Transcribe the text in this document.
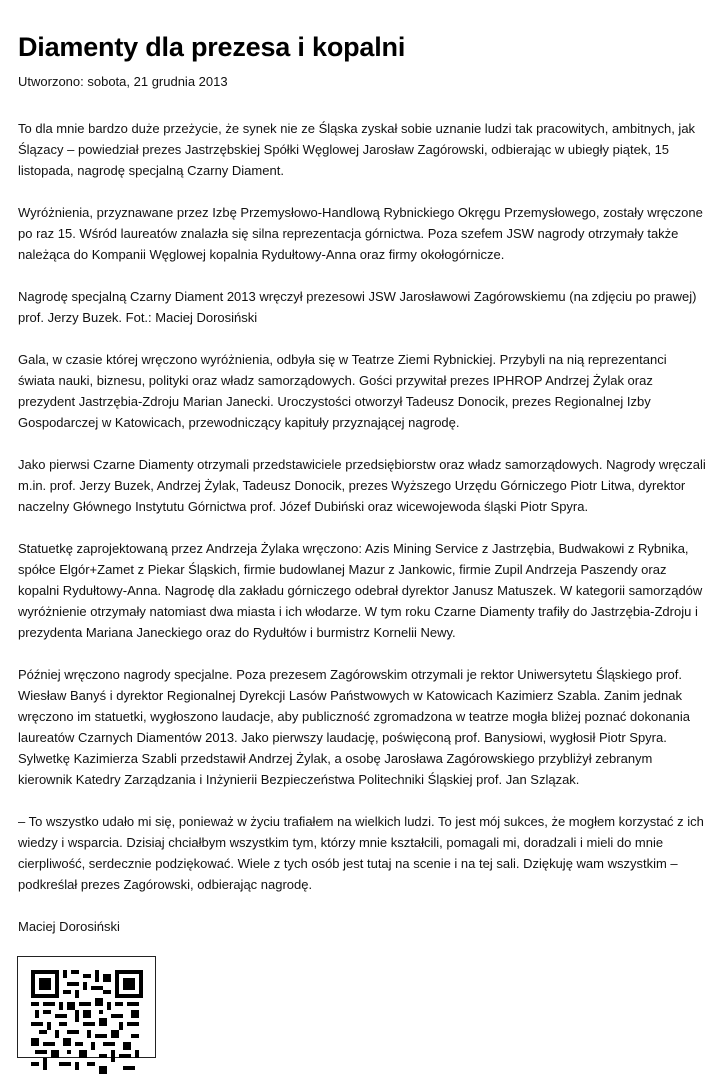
Diamenty dla prezesa i kopalni
Utworzono: sobota, 21 grudnia 2013

To dla mnie bardzo duże przeżycie, że synek nie ze Śląska zyskał sobie uznanie ludzi tak pracowitych, ambitnych, jak Ślązacy – powiedział prezes Jastrzębskiej Spółki Węglowej Jarosław Zagórowski, odbierając w ubiegły piątek, 15 listopada, nagrodę specjalną Czarny Diament.

Wyróżnienia, przyznawane przez Izbę Przemysłowo-Handlową Rybnickiego Okręgu Przemysłowego, zostały wręczone po raz 15. Wśród laureatów znalazła się silna reprezentacja górnictwa. Poza szefem JSW nagrody otrzymały także należąca do Kompanii Węglowej kopalnia Rydułtowy-Anna oraz firmy okołogórnicze.

Nagrodę specjalną Czarny Diament 2013 wręczył prezesowi JSW Jarosławowi Zagórowskiemu (na zdjęciu po prawej) prof. Jerzy Buzek. Fot.: Maciej Dorosiński

Gala, w czasie której wręczono wyróżnienia, odbyła się w Teatrze Ziemi Rybnickiej. Przybyli na nią reprezentanci świata nauki, biznesu, polityki oraz władz samorządowych. Gości przywitał prezes IPHROP Andrzej Żylak oraz prezydent Jastrzębia-Zdroju Marian Janecki. Uroczystości otworzył Tadeusz Donocik, prezes Regionalnej Izby Gospodarczej w Katowicach, przewodniczący kapituły przyznającej nagrodę.

Jako pierwsi Czarne Diamenty otrzymali przedstawiciele przedsiębiorstw oraz władz samorządowych. Nagrody wręczali m.in. prof. Jerzy Buzek, Andrzej Żylak, Tadeusz Donocik, prezes Wyższego Urzędu Górniczego Piotr Litwa, dyrektor naczelny Głównego Instytutu Górnictwa prof. Józef Dubiński oraz wicewojewoda śląski Piotr Spyra.

Statuetkę zaprojektowaną przez Andrzeja Żylaka wręczono: Azis Mining Service z Jastrzębia, Budwakowi z Rybnika, spółce Elgór+Zamet z Piekar Śląskich, firmie budowlanej Mazur z Jankowic, firmie Zupil Andrzeja Paszendy oraz kopalni Rydułtowy-Anna. Nagrodę dla zakładu górniczego odebrał dyrektor Janusz Matuszek. W kategorii samorządów wyróżnienie otrzymały natomiast dwa miasta i ich włodarze. W tym roku Czarne Diamenty trafiły do Jastrzębia-Zdroju i prezydenta Mariana Janeckiego oraz do Rydułtów i burmistrz Kornelii Newy.

Później wręczono nagrody specjalne. Poza prezesem Zagórowskim otrzymali je rektor Uniwersytetu Śląskiego prof. Wiesław Banyś i dyrektor Regionalnej Dyrekcji Lasów Państwowych w Katowicach Kazimierz Szabla. Zanim jednak wręczono im statuetki, wygłoszono laudacje, aby publiczność zgromadzona w teatrze mogła bliżej poznać dokonania laureatów Czarnych Diamentów 2013. Jako pierwszy laudację, poświęconą prof. Banysiowi, wygłosił Piotr Spyra. Sylwetkę Kazimierza Szabli przedstawił Andrzej Żylak, a osobę Jarosława Zagórowskiego przybliżył zebranym kierownik Katedry Zarządzania i Inżynierii Bezpieczeństwa Politechniki Śląskiej prof. Jan Szlązak.

– To wszystko udało mi się, ponieważ w życiu trafiałem na wielkich ludzi. To jest mój sukces, że mogłem korzystać z ich wiedzy i wsparcia. Dzisiaj chciałbym wszystkim tym, którzy mnie kształcili, pomagali mi, doradzali i mieli do mnie cierpliwość, serdecznie podziękować. Wiele z tych osób jest tutaj na scenie i na tej sali. Dziękuję wam wszystkim – podkreślał prezes Zagórowski, odbierając nagrodę.

Maciej Dorosiński
